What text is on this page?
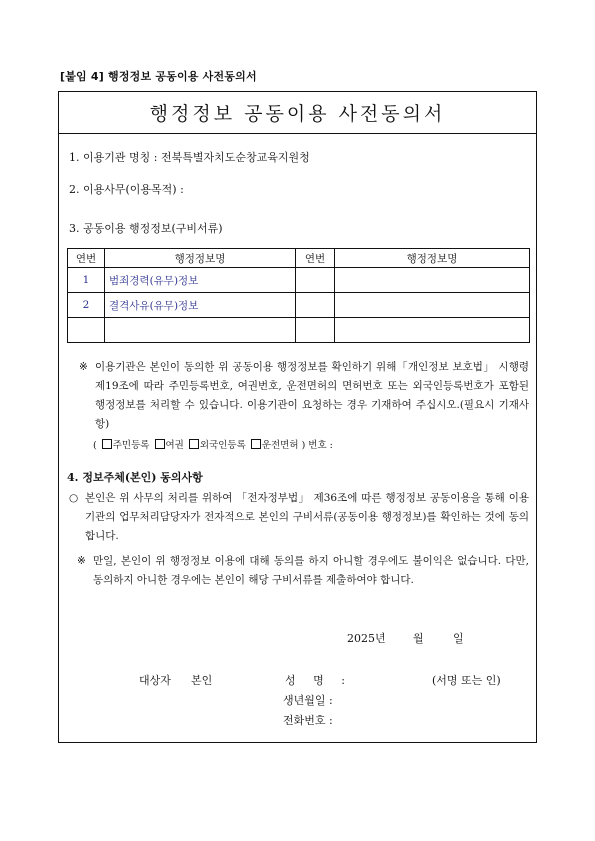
[붙임 4] 행정정보 공동이용 사전동의서
행정정보 공동이용 사전동의서
1. 이용기관 명칭 : 전북특별자치도순창교육지원청
2. 이용사무(이용목적) :
3. 공동이용 행정정보(구비서류)
연번	행정정보명	연번	행정정보명
1	범죄경력(유무)정보		
2	결격사유(유무)정보		

※ 이용기관은 본인이 동의한 위 공동이용 행정정보를 확인하기 위해「개인정보 보호법」 시행령 제19조에 따라 주민등록번호, 여권번호, 운전면허의 면허번호 또는 외국인등록번호가 포함된 행정정보를 처리할 수 있습니다. 이용기관이 요청하는 경우 기재하여 주십시오.(필요시 기재사항)
( 주민등록 여권 외국인등록 운전면허 ) 번호 :
4. 정보주체(본인) 동의사항
○ 본인은 위 사무의 처리를 위하여 「전자정부법」 제36조에 따른 행정정보 공동이용을 통해 이용기관의 업무처리담당자가 전자적으로 본인의 구비서류(공동이용 행정정보)를 확인하는 것에 동의합니다.
※ 만일, 본인이 위 행정정보 이용에 대해 동의를 하지 아니할 경우에도 불이익은 없습니다. 다만, 동의하지 아니한 경우에는 본인이 해당 구비서류를 제출하여야 합니다.
2025년 월	일
대상자 본인	성 명 :	(서명 또는 인)
생년월일 :
전화번호 :
